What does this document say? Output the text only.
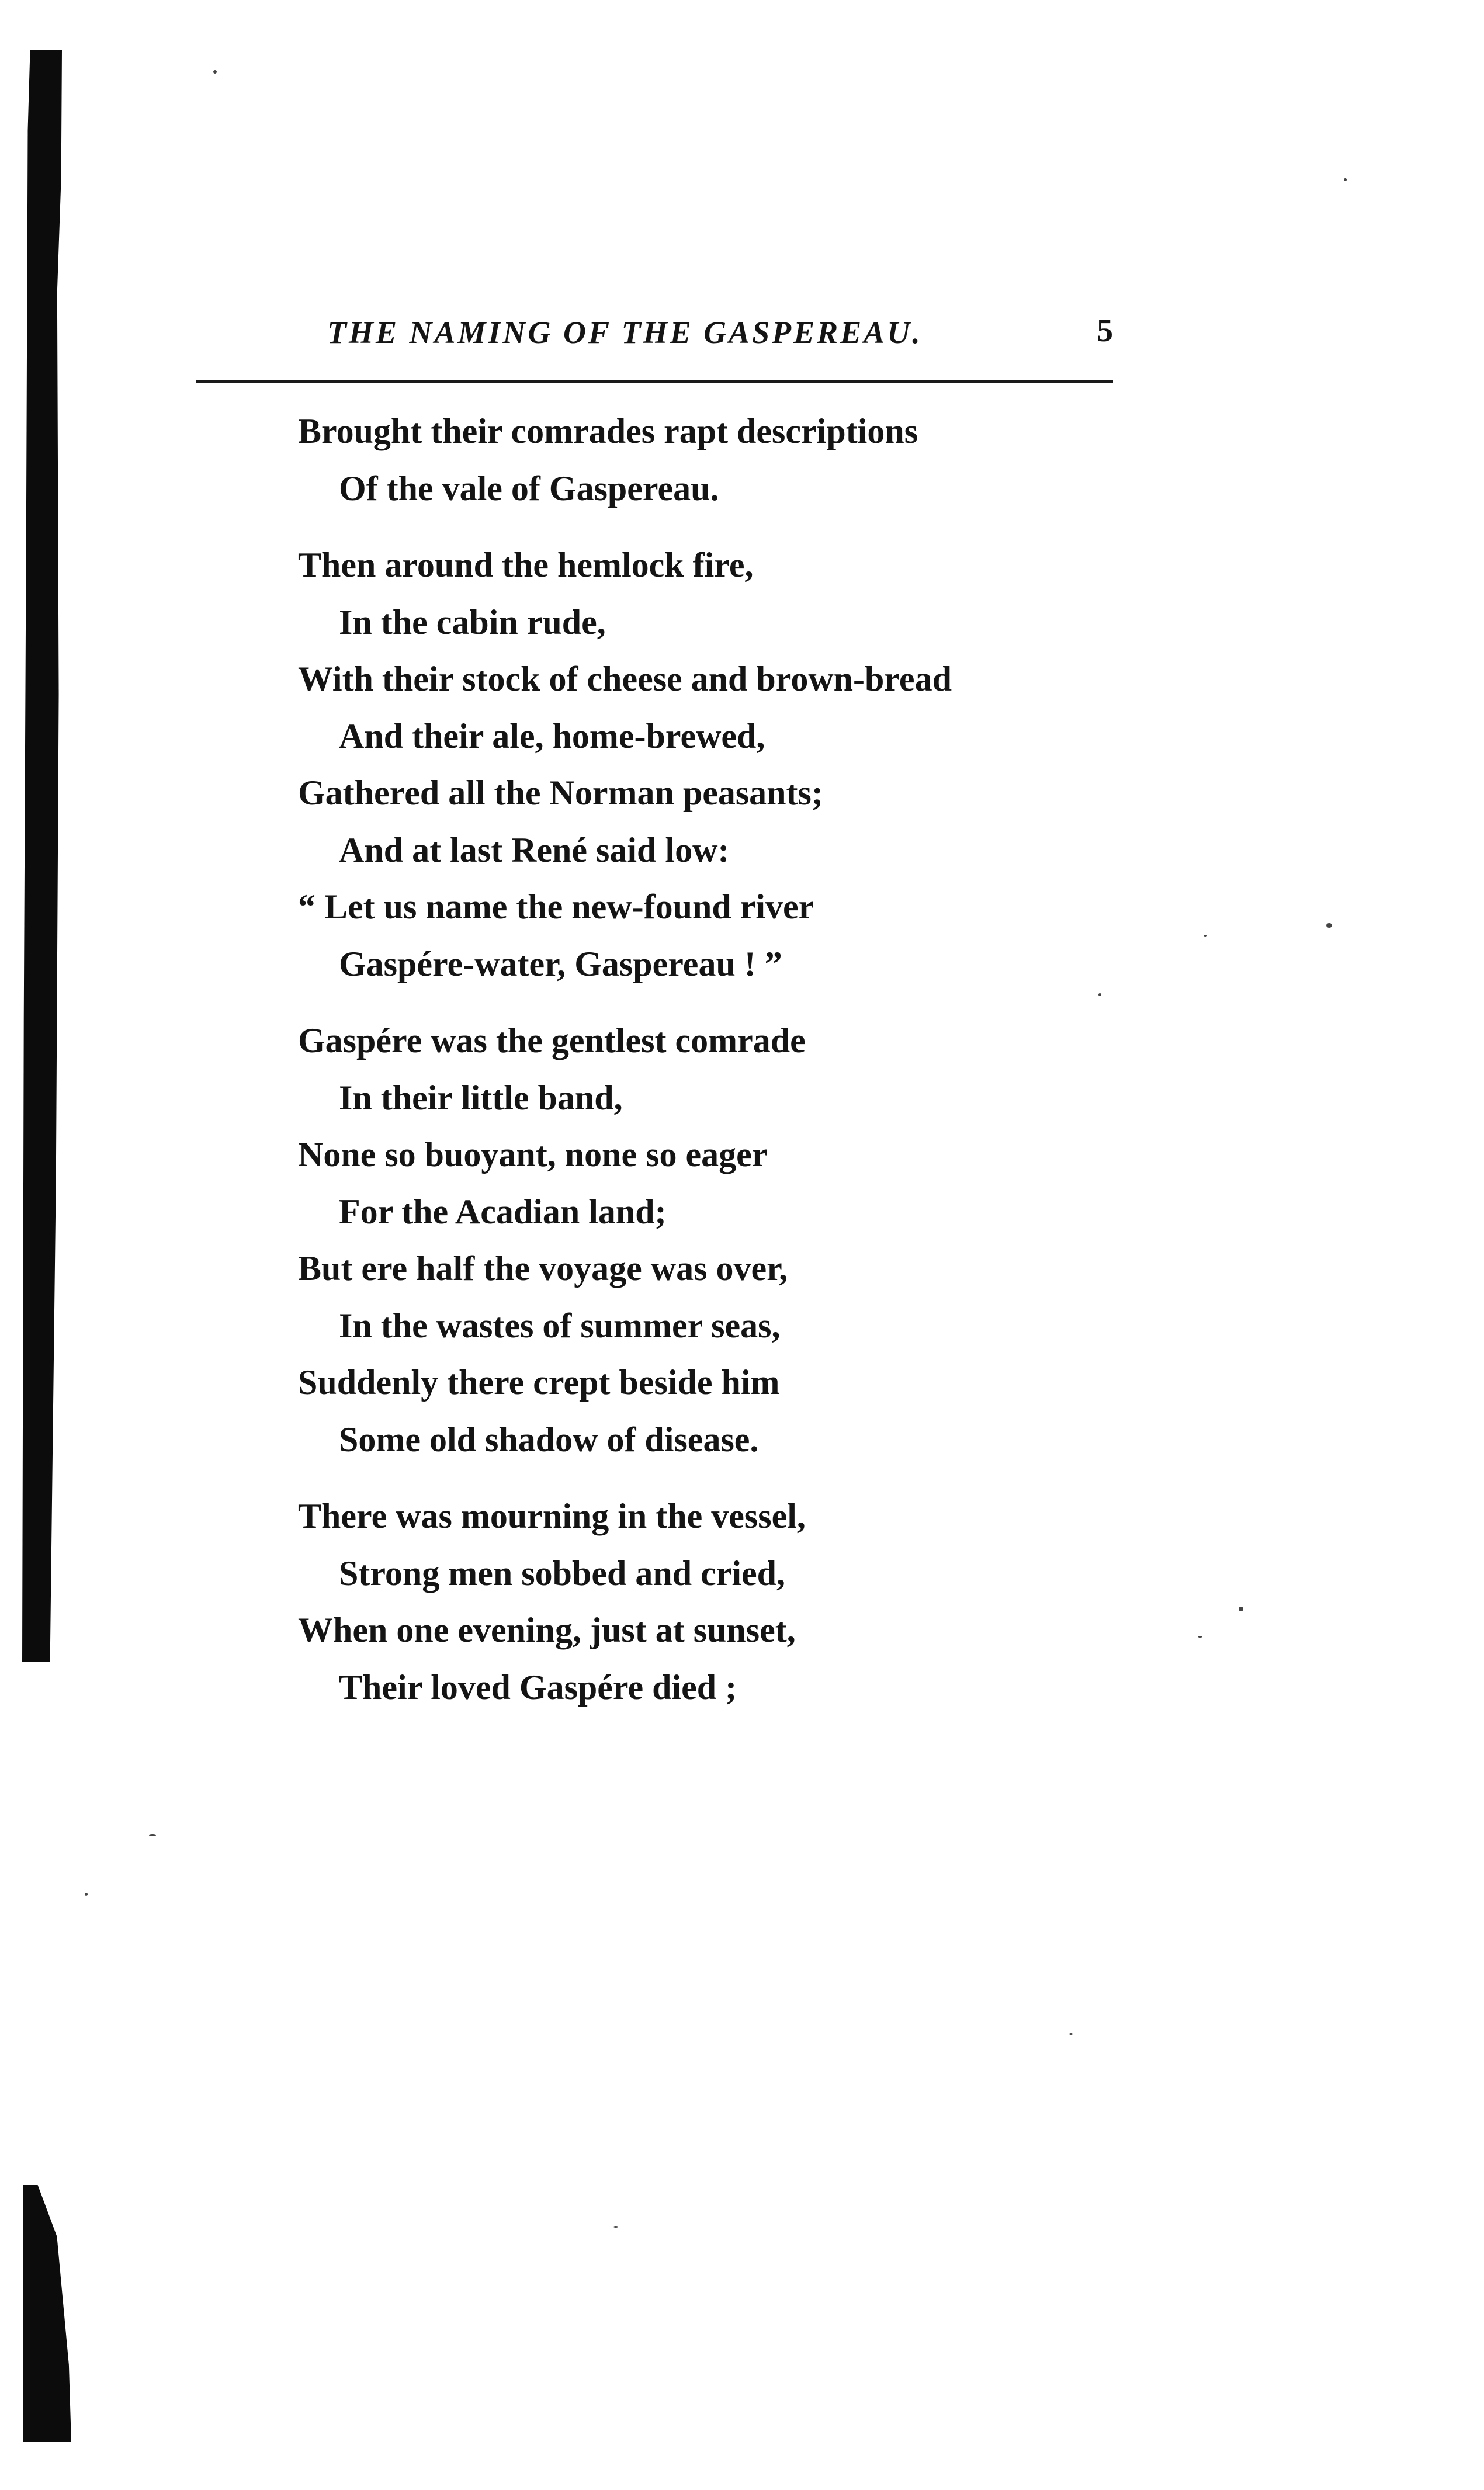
THE NAMING OF THE GASPEREAU.	5
Brought their comrades rapt descriptions
Of the vale of Gaspereau.
Then around the hemlock fire,
In the cabin rude,
With their stock of cheese and brown-bread
And their ale, home-brewed,
Gathered all the Norman peasants;
And at last René said low:
“ Let us name the new-found river
Gaspére-water, Gaspereau ! ”
Gaspére was the gentlest comrade
In their little band,
None so buoyant, none so eager
For the Acadian land;
But ere half the voyage was over,
In the wastes of summer seas,
Suddenly there crept beside him
Some old shadow of disease.
There was mourning in the vessel,
Strong men sobbed and cried,
When one evening, just at sunset,
Their loved Gaspére died ;
